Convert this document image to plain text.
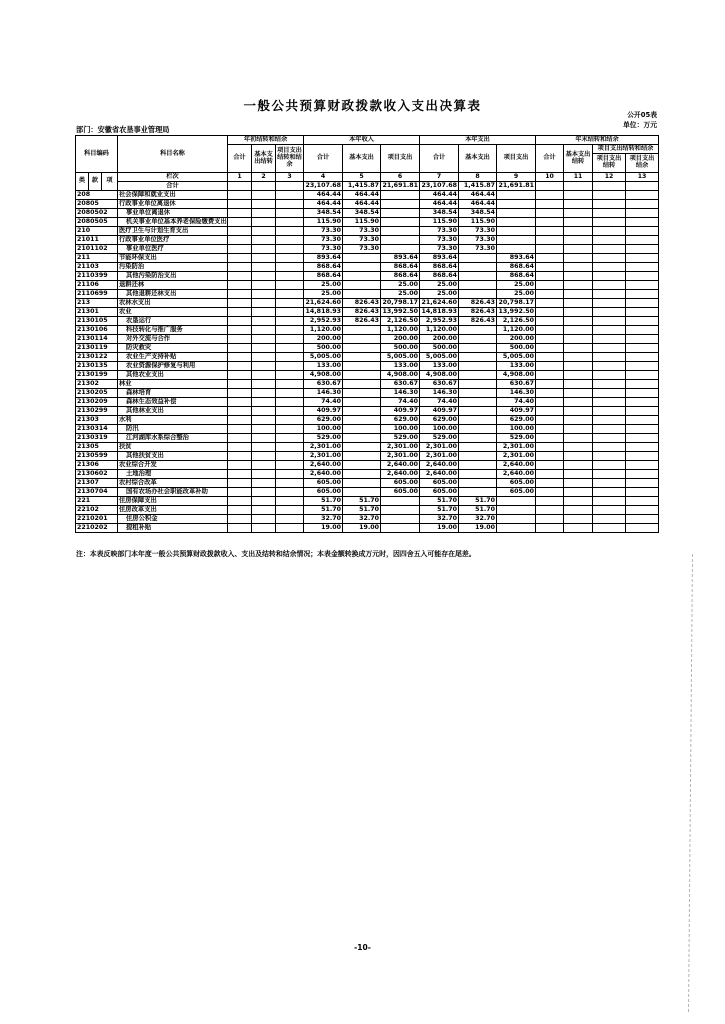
一般公共预算财政拨款收入支出决算表
公开05表
单位：万元
部门：安徽省农垦事业管理局
科目编码			科目名称	年初结转和结余			本年收入			本年支出			年末结转和结余			
				合计	基本支出结转	项目支出结转和结余	合计	基本支出	项目支出	合计	基本支出	项目支出	合计	基本支出结转	项目支出结转和结余	
															项目支出结转	项目支出结余
类	款	项	栏次	1	2	3	4	5	6	7	8	9	10	11	12	13
			合计				23,107.68	1,415.87	21,691.81	23,107.68	1,415.87	21,691.81				
208			社会保障和就业支出				464.44	464.44		464.44	464.44					
20805			行政事业单位离退休				464.44	464.44		464.44	464.44					
2080502			事业单位离退休				348.54	348.54		348.54	348.54					
2080505			机关事业单位基本养老保险缴费支出				115.90	115.90		115.90	115.90					
210			医疗卫生与计划生育支出				73.30	73.30		73.30	73.30					
21011			行政事业单位医疗				73.30	73.30		73.30	73.30					
2101102			事业单位医疗				73.30	73.30		73.30	73.30					
211			节能环保支出				893.64		893.64	893.64		893.64				
21103			污染防治				868.64		868.64	868.64		868.64				
2110399			其他污染防治支出				868.64		868.64	868.64		868.64				
21106			退耕还林				25.00		25.00	25.00		25.00				
2110699			其他退耕还林支出				25.00		25.00	25.00		25.00				
213			农林水支出				21,624.60	826.43	20,798.17	21,624.60	826.43	20,798.17				
21301			农业				14,818.93	826.43	13,992.50	14,818.93	826.43	13,992.50				
2130105			农垦运行				2,952.93	826.43	2,126.50	2,952.93	826.43	2,126.50				
2130106			科技转化与推广服务				1,120.00		1,120.00	1,120.00		1,120.00				
2130114			对外交流与合作				200.00		200.00	200.00		200.00				
2130119			防灾救灾				500.00		500.00	500.00		500.00				
2130122			农业生产支持补贴				5,005.00		5,005.00	5,005.00		5,005.00				
2130135			农业资源保护修复与利用				133.00		133.00	133.00		133.00				
2130199			其他农业支出				4,908.00		4,908.00	4,908.00		4,908.00				
21302			林业				630.67		630.67	630.67		630.67				
2130205			森林培育				146.30		146.30	146.30		146.30				
2130209			森林生态效益补偿				74.40		74.40	74.40		74.40				
2130299			其他林业支出				409.97		409.97	409.97		409.97				
21303			水利				629.00		629.00	629.00		629.00				
2130314			防汛				100.00		100.00	100.00		100.00				
2130319			江河湖库水系综合整治				529.00		529.00	529.00		529.00				
21305			扶贫				2,301.00		2,301.00	2,301.00		2,301.00				
2130599			其他扶贫支出				2,301.00		2,301.00	2,301.00		2,301.00				
21306			农业综合开发				2,640.00		2,640.00	2,640.00		2,640.00				
2130602			土地治理				2,640.00		2,640.00	2,640.00		2,640.00				
21307			农村综合改革				605.00		605.00	605.00		605.00				
2130704			国有农场办社会职能改革补助				605.00		605.00	605.00		605.00				
221			住房保障支出				51.70	51.70		51.70	51.70					
22102			住房改革支出				51.70	51.70		51.70	51.70					
2210201			住房公积金				32.70	32.70		32.70	32.70					
2210202			提租补贴				19.00	19.00		19.00	19.00					
注：本表反映部门本年度一般公共预算财政拨款收入、支出及结转和结余情况；本表金额转换成万元时，因四舍五入可能存在尾差。
-10-
